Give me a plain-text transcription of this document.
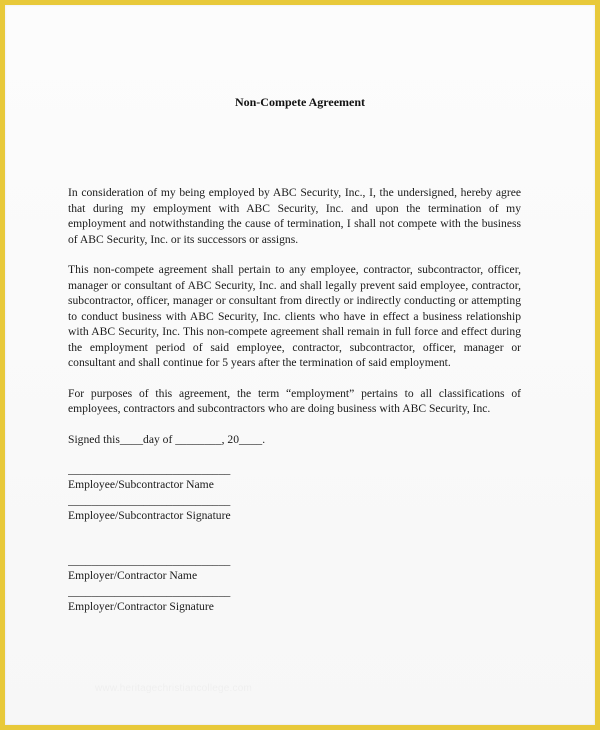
Non-Compete Agreement

In consideration of my being employed by ABC Security, Inc., I, the undersigned, hereby agree that during my employment with ABC Security, Inc. and upon the termination of my employment and notwithstanding the cause of termination, I shall not compete with the business of ABC Security, Inc. or its successors or assigns.

This non-compete agreement shall pertain to any employee, contractor, subcontractor, officer, manager or consultant of ABC Security, Inc. and shall legally prevent said employee, contractor, subcontractor, officer, manager or consultant from directly or indirectly conducting or attempting to conduct business with ABC Security, Inc. clients who have in effect a business relationship with ABC Security, Inc. This non-compete agreement shall remain in full force and effect during the employment period of said employee, contractor, subcontractor, officer, manager or consultant and shall continue for 5 years after the termination of said employment.

For purposes of this agreement, the term “employment” pertains to all classifications of employees, contractors and subcontractors who are doing business with ABC Security, Inc.

Signed this____day of ________, 20____.
____________________________
Employee/Subcontractor Name
____________________________
Employee/Subcontractor Signature
____________________________
Employer/Contractor Name
____________________________
Employer/Contractor Signature
www.heritagechristiancollege.com
